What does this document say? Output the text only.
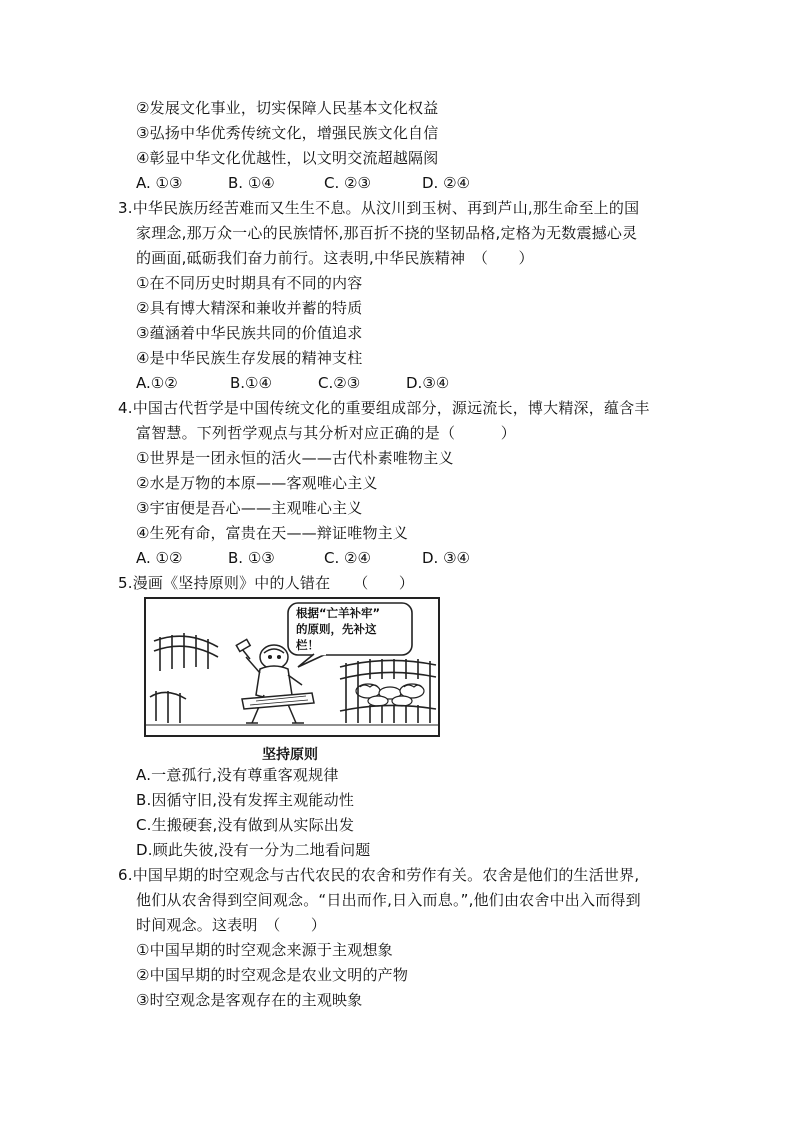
②发展文化事业，切实保障人民基本文化权益
③弘扬中华优秀传统文化，增强民族文化自信
④彰显中华文化优越性，以文明交流超越隔阂
A. ①③	B. ①④	C. ②③	D. ②④
3.中华民族历经苦难而又生生不息。从汶川到玉树、再到芦山,那生命至上的国
家理念,那万众一心的民族情怀,那百折不挠的坚韧品格,定格为无数震撼心灵
的画面,砥砺我们奋力前行。这表明,中华民族精神　（　　）
①在不同历史时期具有不同的内容
②具有博大精深和兼收并蓄的特质
③蕴涵着中华民族共同的价值追求
④是中华民族生存发展的精神支柱
A.①②	B.①④	C.②③	D.③④
4.中国古代哲学是中国传统文化的重要组成部分，源远流长，博大精深，蕴含丰
富智慧。下列哲学观点与其分析对应正确的是（　　　）
①世界是一团永恒的活火——古代朴素唯物主义
②水是万物的本原——客观唯心主义
③宇宙便是吾心——主观唯心主义
④生死有命，富贵在天——辩证唯物主义
A. ①②	B. ①③	C. ②④	D. ③④
5.漫画《坚持原则》中的人错在　　（　　）
根据“亡羊补牢”
的原则，先补这
栏！
坚持原则
A.一意孤行,没有尊重客观规律
B.因循守旧,没有发挥主观能动性
C.生搬硬套,没有做到从实际出发
D.顾此失彼,没有一分为二地看问题
6.中国早期的时空观念与古代农民的农舍和劳作有关。农舍是他们的生活世界,
他们从农舍得到空间观念。“日出而作,日入而息。”,他们由农舍中出入而得到
时间观念。这表明　（　　）
①中国早期的时空观念来源于主观想象
②中国早期的时空观念是农业文明的产物
③时空观念是客观存在的主观映象
